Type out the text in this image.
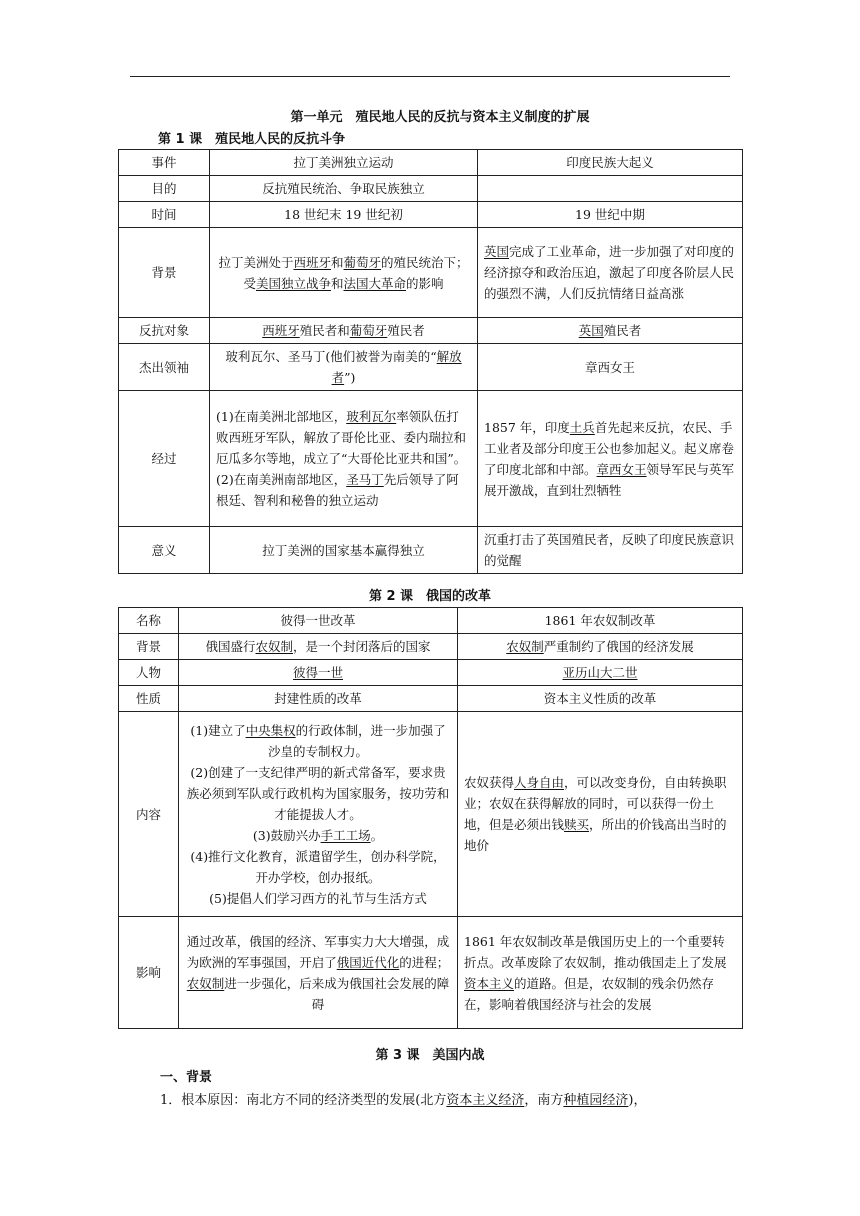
第一单元　殖民地人民的反抗与资本主义制度的扩展
第 1 课　殖民地人民的反抗斗争
事件	拉丁美洲独立运动	印度民族大起义
目的	反抗殖民统治、争取民族独立	
时间	18 世纪末 19 世纪初	19 世纪中期
背景	拉丁美洲处于西班牙和葡萄牙的殖民统治下；受美国独立战争和法国大革命的影响	英国完成了工业革命，进一步加强了对印度的经济掠夺和政治压迫，激起了印度各阶层人民的强烈不满，人们反抗情绪日益高涨
反抗对象	西班牙殖民者和葡萄牙殖民者	英国殖民者
杰出领袖	玻利瓦尔、圣马丁(他们被誉为南美的“解放者”)	章西女王
经过	(1)在南美洲北部地区，玻利瓦尔率领队伍打败西班牙军队，解放了哥伦比亚、委内瑞拉和厄瓜多尔等地，成立了“大哥伦比亚共和国”。
(2)在南美洲南部地区，圣马丁先后领导了阿根廷、智利和秘鲁的独立运动	1857 年，印度土兵首先起来反抗，农民、手工业者及部分印度王公也参加起义。起义席卷了印度北部和中部。章西女王领导军民与英军展开激战，直到壮烈牺牲
意义	拉丁美洲的国家基本赢得独立	沉重打击了英国殖民者，反映了印度民族意识的觉醒
第 2 课　俄国的改革
名称	彼得一世改革	1861 年农奴制改革
背景	俄国盛行农奴制，是一个封闭落后的国家	农奴制严重制约了俄国的经济发展
人物	彼得一世	亚历山大二世
性质	封建性质的改革	资本主义性质的改革
内容	(1)建立了中央集权的行政体制，进一步加强了沙皇的专制权力。
(2)创建了一支纪律严明的新式常备军，要求贵族必须到军队或行政机构为国家服务，按功劳和才能提拔人才。
(3)鼓励兴办手工工场。
(4)推行文化教育，派遣留学生，创办科学院，开办学校，创办报纸。
(5)提倡人们学习西方的礼节与生活方式	农奴获得人身自由，可以改变身份，自由转换职业；农奴在获得解放的同时，可以获得一份土地，但是必须出钱赎买，所出的价钱高出当时的地价
影响	通过改革，俄国的经济、军事实力大大增强，成为欧洲的军事强国，开启了俄国近代化的进程；农奴制进一步强化，后来成为俄国社会发展的障碍	1861 年农奴制改革是俄国历史上的一个重要转折点。改革废除了农奴制，推动俄国走上了发展资本主义的道路。但是，农奴制的残余仍然存在，影响着俄国经济与社会的发展
第 3 课　美国内战
一、背景
1．根本原因：南北方不同的经济类型的发展(北方资本主义经济，南方种植园经济)，
